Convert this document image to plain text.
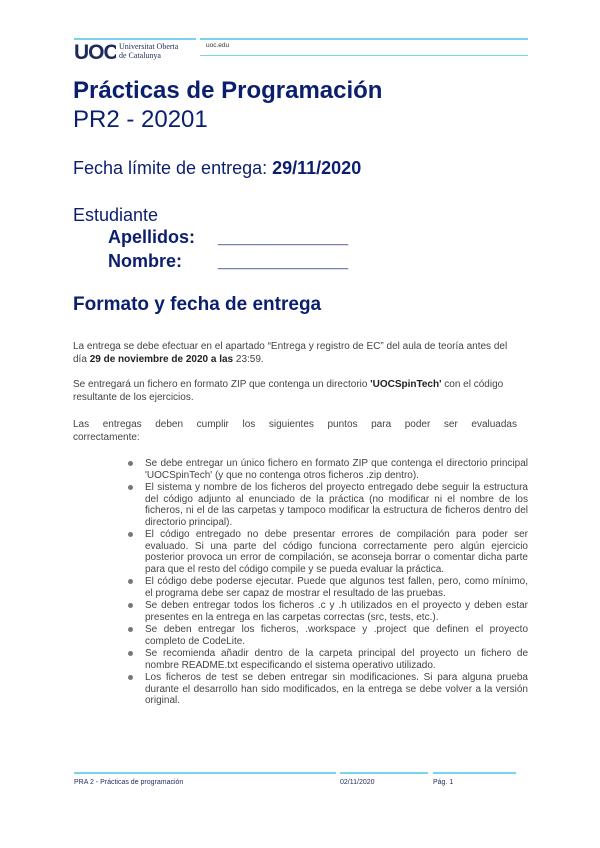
UOC Universitat Oberta
de Catalunya
uoc.edu
Prácticas de Programación
PR2 - 20201
Fecha límite de entrega: 29/11/2020
Estudiante
Apellidos: _____________
Nombre: _____________
Formato y fecha de entrega
La entrega se debe efectuar en el apartado “Entrega y registro de EC” del aula de teoría antes del día 29 de noviembre de 2020 a las 23:59.
Se entregará un fichero en formato ZIP que contenga un directorio 'UOCSpinTech' con el código resultante de los ejercicios.
Las entregas deben cumplir los siguientes puntos para poder ser evaluadas
correctamente:
Se debe entregar un único fichero en formato ZIP que contenga el directorio principal 'UOCSpinTech' (y que no contenga otros ficheros .zip dentro).
El sistema y nombre de los ficheros del proyecto entregado debe seguir la estructura del código adjunto al enunciado de la práctica (no modificar ni el nombre de los ficheros, ni el de las carpetas y tampoco modificar la estructura de ficheros dentro del directorio principal).
El código entregado no debe presentar errores de compilación para poder ser evaluado. Si una parte del código funciona correctamente pero algún ejercicio posterior provoca un error de compilación, se aconseja borrar o comentar dicha parte para que el resto del código compile y se pueda evaluar la práctica.
El código debe poderse ejecutar. Puede que algunos test fallen, pero, como mínimo, el programa debe ser capaz de mostrar el resultado de las pruebas.
Se deben entregar todos los ficheros .c y .h utilizados en el proyecto y deben estar presentes en la entrega en las carpetas correctas (src, tests, etc.).
Se deben entregar los ficheros, .workspace y .project que definen el proyecto completo de CodeLite.
Se recomienda añadir dentro de la carpeta principal del proyecto un fichero de nombre README.txt especificando el sistema operativo utilizado.
Los ficheros de test se deben entregar sin modificaciones. Si para alguna prueba durante el desarrollo han sido modificados, en la entrega se debe volver a la versión original.
PRA 2 - Prácticas de programación	02/11/2020	Pág. 1
